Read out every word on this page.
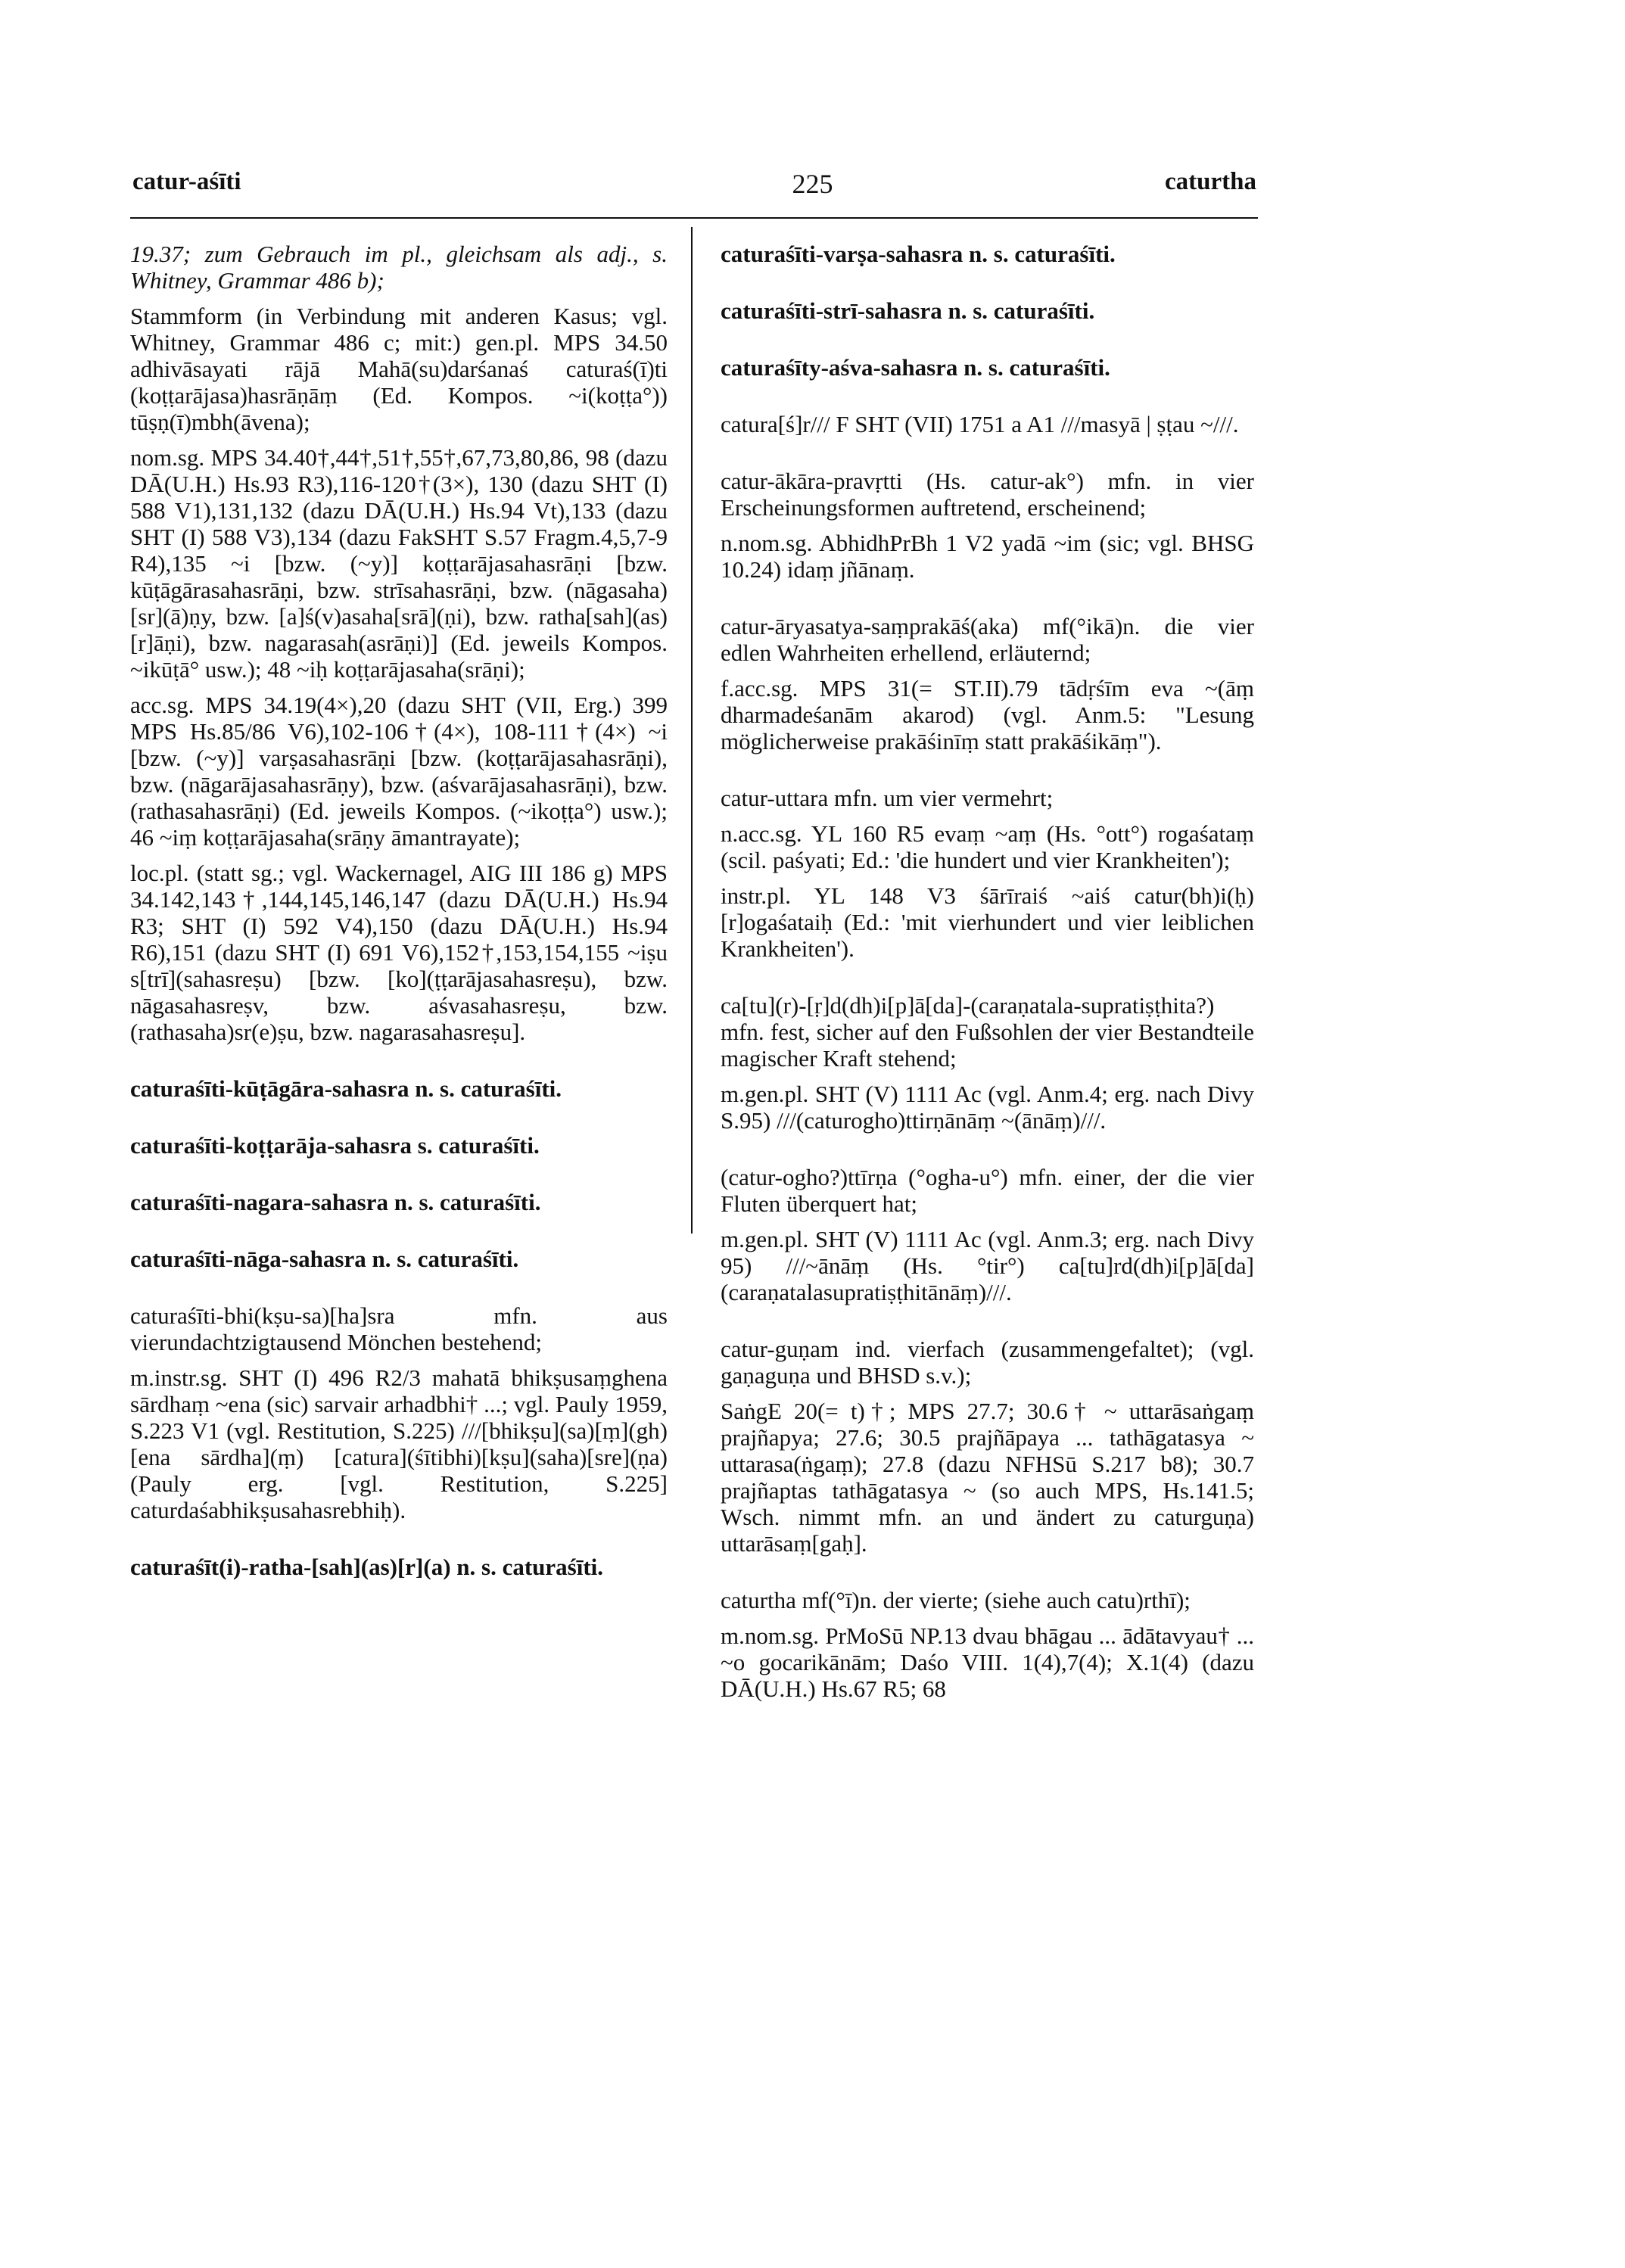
catur-aśīti	225	caturtha

19.37; zum Gebrauch im pl., gleichsam als adj., s. Whitney, Grammar 486 b);

Stammform (in Verbindung mit anderen Kasus; vgl. Whitney, Grammar 486 c; mit:) gen.pl. MPS 34.50 adhivāsayati rājā Mahā(su)darśanaś caturaś(ī)ti (koṭṭarājasa)hasrāṇāṃ (Ed. Kompos. ~i(koṭṭa°)) tūṣṇ(ī)mbh(āvena);

nom.sg. MPS 34.40†,44†,51†,55†,67,73,80,86, 98 (dazu DĀ(U.H.) Hs.93 R3),116-120†(3×), 130 (dazu SHT (I) 588 V1),131,132 (dazu DĀ(U.H.) Hs.94 Vt),133 (dazu SHT (I) 588 V3),134 (dazu FakSHT S.57 Fragm.4,5,7-9 R4),135 ~i [bzw. (~y)] koṭṭarājasahasrāṇi [bzw. kūṭāgārasahasrāṇi, bzw. strīsahasrāṇi, bzw. (nāgasaha)[sr](ā)ṇy, bzw. [a]ś(v)asaha[srā](ṇi), bzw. ratha[sah](as)[r]āṇi), bzw. nagarasah(asrāṇi)] (Ed. jeweils Kompos. ~ikūṭā° usw.); 48 ~iḥ koṭṭarājasaha(srāṇi);

acc.sg. MPS 34.19(4×),20 (dazu SHT (VII, Erg.) 399 MPS Hs.85/86 V6),102-106†(4×), 108-111†(4×) ~i [bzw. (~y)] varṣasahasrāṇi [bzw. (koṭṭarājasahasrāṇi), bzw. (nāgarājasahasrāṇy), bzw. (aśvarājasahasrāṇi), bzw. (rathasahasrāṇi) (Ed. jeweils Kompos. (~ikoṭṭa°) usw.); 46 ~iṃ koṭṭarājasaha(srāṇy āmantrayate);

loc.pl. (statt sg.; vgl. Wackernagel, AIG III 186 g) MPS 34.142,143†,144,145,146,147 (dazu DĀ(U.H.) Hs.94 R3; SHT (I) 592 V4),150 (dazu DĀ(U.H.) Hs.94 R6),151 (dazu SHT (I) 691 V6),152†,153,154,155 ~iṣu s[trī](sahasreṣu) [bzw. [ko](ṭṭarājasahasreṣu), bzw. nāgasahasreṣv, bzw. aśvasahasreṣu, bzw. (rathasaha)sr(e)ṣu, bzw. nagarasahasreṣu].

caturaśīti-kūṭāgāra-sahasra n. s. caturaśīti.

caturaśīti-koṭṭarāja-sahasra s. caturaśīti.

caturaśīti-nagara-sahasra n. s. caturaśīti.

caturaśīti-nāga-sahasra n. s. caturaśīti.

caturaśīti-bhi(kṣu-sa)[ha]sra mfn. aus vierundachtzigtausend Mönchen bestehend;

m.instr.sg. SHT (I) 496 R2/3 mahatā bhikṣusaṃghena sārdhaṃ ~ena (sic) sarvair arhadbhi† ...; vgl. Pauly 1959, S.223 V1 (vgl. Restitution, S.225) ///[bhikṣu](sa)[ṃ](gh)[ena sārdha](ṃ) [catura](śītibhi)[kṣu](saha)[sre](ṇa) (Pauly erg. [vgl. Restitution, S.225] caturdaśabhikṣusahasrebhiḥ).

caturaśīt(i)-ratha-[sah](as)[r](a) n. s. caturaśīti.

caturaśīti-varṣa-sahasra n. s. caturaśīti.

caturaśīti-strī-sahasra n. s. caturaśīti.

caturaśīty-aśva-sahasra n. s. caturaśīti.

catura[ś]r/// F SHT (VII) 1751 a A1 ///masyā | ṣṭau ~///.

catur-ākāra-pravṛtti (Hs. catur-ak°) mfn. in vier Erscheinungsformen auftretend, erscheinend;

n.nom.sg. AbhidhPrBh 1 V2 yadā ~im (sic; vgl. BHSG 10.24) idaṃ jñānaṃ.

catur-āryasatya-saṃprakāś(aka) mf(°ikā)n. die vier edlen Wahrheiten erhellend, erläuternd;

f.acc.sg. MPS 31(= ST.II).79 tādṛśīm eva ~(āṃ dharmadeśanām akarod) (vgl. Anm.5: "Lesung möglicherweise prakāśinīṃ statt prakāśikāṃ").

catur-uttara mfn. um vier vermehrt;

n.acc.sg. YL 160 R5 evaṃ ~aṃ (Hs. °ott°) rogaśataṃ (scil. paśyati; Ed.: 'die hundert und vier Krankheiten');

instr.pl. YL 148 V3 śārīraiś ~aiś catur(bh)i(ḥ) [r]ogaśataiḥ (Ed.: 'mit vierhundert und vier leiblichen Krankheiten').

ca[tu](r)-[ṛ]d(dh)i[p]ā[da]-(caraṇatala-supratiṣṭhita?) mfn. fest, sicher auf den Fußsohlen der vier Bestandteile magischer Kraft stehend;

m.gen.pl. SHT (V) 1111 Ac (vgl. Anm.4; erg. nach Divy S.95) ///(caturogho)ttirṇānāṃ ~(ānāṃ)///.

(catur-ogho?)ttīrṇa (°ogha-u°) mfn. einer, der die vier Fluten überquert hat;

m.gen.pl. SHT (V) 1111 Ac (vgl. Anm.3; erg. nach Divy 95) ///~ānāṃ (Hs. °tir°) ca[tu]rd(dh)i[p]ā[da](caraṇatalasupratiṣṭhitānāṃ)///.

catur-guṇam ind. vierfach (zusammengefaltet); (vgl. gaṇaguṇa und BHSD s.v.);

SaṅgE 20(= t)†; MPS 27.7; 30.6† ~ uttarāsaṅgaṃ prajñapya; 27.6; 30.5 prajñāpaya ... tathāgatasya ~ uttarasa(ṅgaṃ); 27.8 (dazu NFHSū S.217 b8); 30.7 prajñaptas tathāgatasya ~ (so auch MPS, Hs.141.5; Wsch. nimmt mfn. an und ändert zu caturguṇa) uttarāsaṃ[gaḥ].

caturtha mf(°ī)n. der vierte; (siehe auch catu)rthī);

m.nom.sg. PrMoSū NP.13 dvau bhāgau ... ādātavyau† ... ~o gocarikānām; Daśo VIII. 1(4),7(4); X.1(4) (dazu DĀ(U.H.) Hs.67 R5; 68
